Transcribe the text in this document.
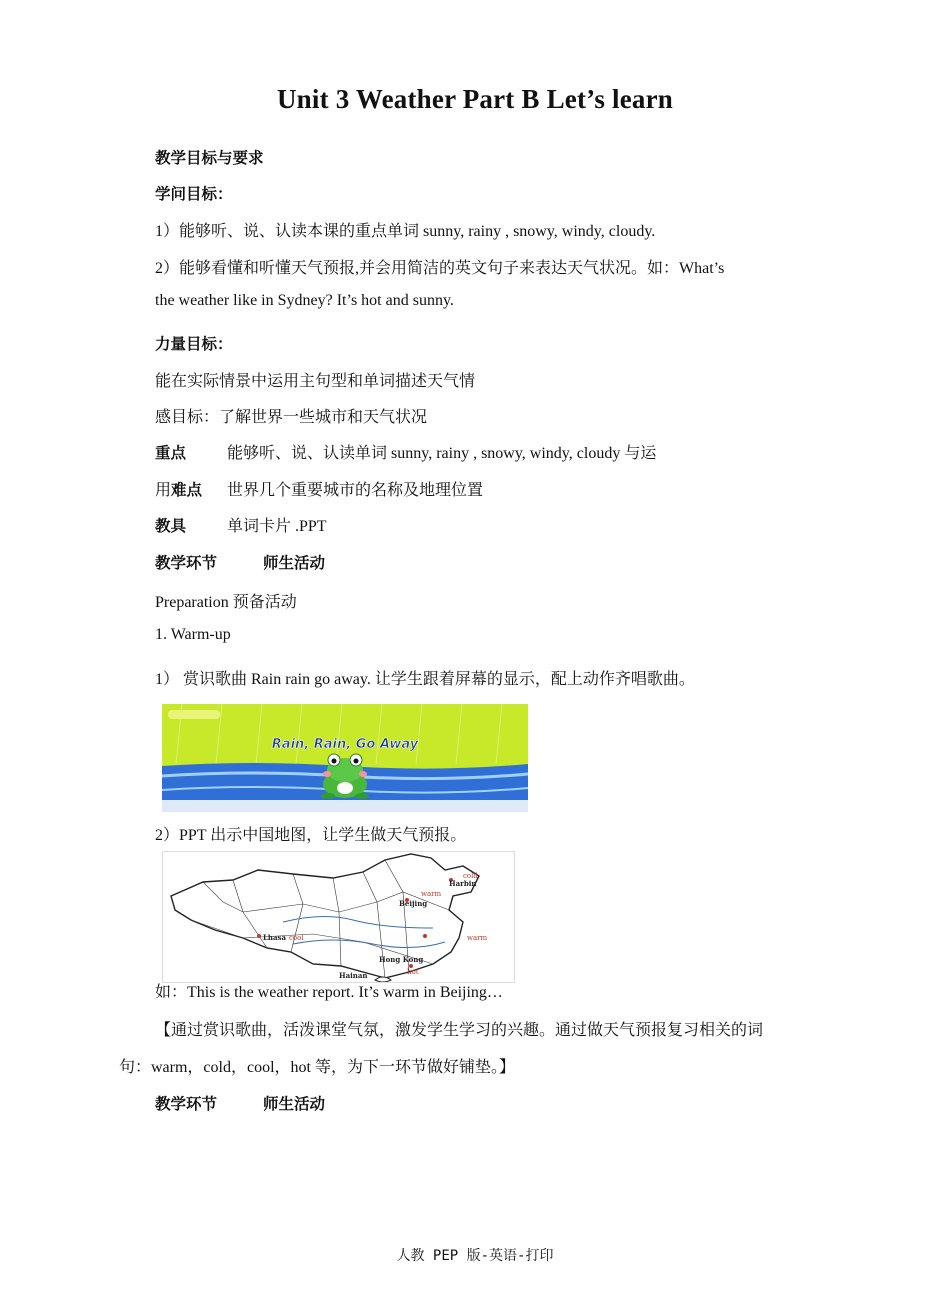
Unit 3 Weather Part B Let’s learn
教学目标与要求
学问目标：
1）能够听、说、认读本课的重点单词 sunny, rainy , snowy, windy, cloudy.
2）能够看懂和听懂天气预报,并会用简洁的英文句子来表达天气状况。如：What’s
the weather like in Sydney? It’s hot and sunny.
力量目标：
能在实际情景中运用主句型和单词描述天气情
感目标：了解世界一些城市和天气状况
重点	能够听、说、认读单词 sunny, rainy , snowy, windy, cloudy 与运
用难点 世界几个重要城市的名称及地理位置
教具	单词卡片 .PPT
教学环节	师生活动
Preparation 预备活动
1. Warm-up
1） 赏识歌曲 Rain rain go away. 让学生跟着屏幕的显示，配上动作齐唱歌曲。
Rain, Rain, Go Away
2）PPT 出示中国地图，让学生做天气预报。
Harbin
cold
Beijing
warm
Lhasa cool	warm
Hong Kong
Hainan	hot
如：This is the weather report. It’s warm in Beijing…
【通过赏识歌曲，活泼课堂气氛，激发学生学习的兴趣。通过做天气预报复习相关的词
句：warm，cold，cool，hot 等，为下一环节做好铺垫。】
教学环节	师生活动
人教 PEP 版-英语-打印
